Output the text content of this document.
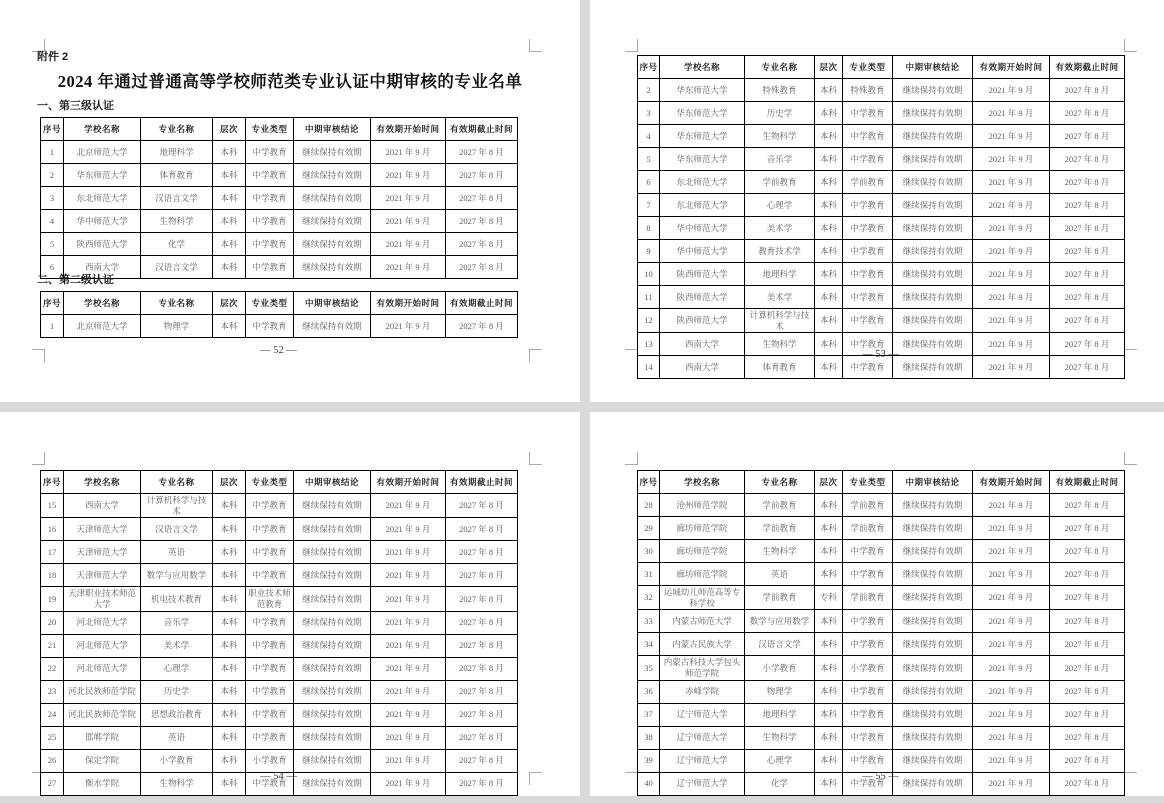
附件 2
2024 年通过普通高等学校师范类专业认证中期审核的专业名单
一、第三级认证
序号	学校名称	专业名称	层次	专业类型	中期审核结论	有效期开始时间	有效期截止时间
1	北京师范大学	地理科学	本科	中学教育	继续保持有效期	2021 年 9 月	2027 年 8 月
2	华东师范大学	体育教育	本科	中学教育	继续保持有效期	2021 年 9 月	2027 年 8 月
3	东北师范大学	汉语言文学	本科	中学教育	继续保持有效期	2021 年 9 月	2027 年 8 月
4	华中师范大学	生物科学	本科	中学教育	继续保持有效期	2021 年 9 月	2027 年 8 月
5	陕西师范大学	化学	本科	中学教育	继续保持有效期	2021 年 9 月	2027 年 8 月
6	西南大学	汉语言文学	本科	中学教育	继续保持有效期	2021 年 9 月	2027 年 8 月
二、第二级认证
序号	学校名称	专业名称	层次	专业类型	中期审核结论	有效期开始时间	有效期截止时间
1	北京师范大学	物理学	本科	中学教育	继续保持有效期	2021 年 9 月	2027 年 8 月
— 52 —
序号	学校名称	专业名称	层次	专业类型	中期审核结论	有效期开始时间	有效期截止时间
2	华东师范大学	特殊教育	本科	特殊教育	继续保持有效期	2021 年 9 月	2027 年 8 月
3	华东师范大学	历史学	本科	中学教育	继续保持有效期	2021 年 9 月	2027 年 8 月
4	华东师范大学	生物科学	本科	中学教育	继续保持有效期	2021 年 9 月	2027 年 8 月
5	华东师范大学	音乐学	本科	中学教育	继续保持有效期	2021 年 9 月	2027 年 8 月
6	东北师范大学	学前教育	本科	学前教育	继续保持有效期	2021 年 9 月	2027 年 8 月
7	东北师范大学	心理学	本科	中学教育	继续保持有效期	2021 年 9 月	2027 年 8 月
8	华中师范大学	美术学	本科	中学教育	继续保持有效期	2021 年 9 月	2027 年 8 月
9	华中师范大学	教育技术学	本科	中学教育	继续保持有效期	2021 年 9 月	2027 年 8 月
10	陕西师范大学	地理科学	本科	中学教育	继续保持有效期	2021 年 9 月	2027 年 8 月
11	陕西师范大学	美术学	本科	中学教育	继续保持有效期	2021 年 9 月	2027 年 8 月
12	陕西师范大学	计算机科学与技术	本科	中学教育	继续保持有效期	2021 年 9 月	2027 年 8 月
13	西南大学	生物科学	本科	中学教育	继续保持有效期	2021 年 9 月	2027 年 8 月
14	西南大学	体育教育	本科	中学教育	继续保持有效期	2021 年 9 月	2027 年 8 月
— 53 —
序号	学校名称	专业名称	层次	专业类型	中期审核结论	有效期开始时间	有效期截止时间
15	西南大学	计算机科学与技术	本科	中学教育	继续保持有效期	2021 年 9 月	2027 年 8 月
16	天津师范大学	汉语言文学	本科	中学教育	继续保持有效期	2021 年 9 月	2027 年 8 月
17	天津师范大学	英语	本科	中学教育	继续保持有效期	2021 年 9 月	2027 年 8 月
18	天津师范大学	数学与应用数学	本科	中学教育	继续保持有效期	2021 年 9 月	2027 年 8 月
19	天津职业技术师范大学	机电技术教育	本科	职业技术师范教育	继续保持有效期	2021 年 9 月	2027 年 8 月
20	河北师范大学	音乐学	本科	中学教育	继续保持有效期	2021 年 9 月	2027 年 8 月
21	河北师范大学	美术学	本科	中学教育	继续保持有效期	2021 年 9 月	2027 年 8 月
22	河北师范大学	心理学	本科	中学教育	继续保持有效期	2021 年 9 月	2027 年 8 月
23	河北民族师范学院	历史学	本科	中学教育	继续保持有效期	2021 年 9 月	2027 年 8 月
24	河北民族师范学院	思想政治教育	本科	中学教育	继续保持有效期	2021 年 9 月	2027 年 8 月
25	邯郸学院	英语	本科	中学教育	继续保持有效期	2021 年 9 月	2027 年 8 月
26	保定学院	小学教育	本科	小学教育	继续保持有效期	2021 年 9 月	2027 年 8 月
27	衡水学院	生物科学	本科	中学教育	继续保持有效期	2021 年 9 月	2027 年 8 月
— 54 —
序号	学校名称	专业名称	层次	专业类型	中期审核结论	有效期开始时间	有效期截止时间
28	沧州师范学院	学前教育	本科	学前教育	继续保持有效期	2021 年 9 月	2027 年 8 月
29	廊坊师范学院	学前教育	本科	学前教育	继续保持有效期	2021 年 9 月	2027 年 8 月
30	廊坊师范学院	生物科学	本科	中学教育	继续保持有效期	2021 年 9 月	2027 年 8 月
31	廊坊师范学院	英语	本科	中学教育	继续保持有效期	2021 年 9 月	2027 年 8 月
32	运城幼儿师范高等专科学校	学前教育	专科	学前教育	继续保持有效期	2021 年 9 月	2027 年 8 月
33	内蒙古师范大学	数学与应用数学	本科	中学教育	继续保持有效期	2021 年 9 月	2027 年 8 月
34	内蒙古民族大学	汉语言文学	本科	中学教育	继续保持有效期	2021 年 9 月	2027 年 8 月
35	内蒙古科技大学包头师范学院	小学教育	本科	小学教育	继续保持有效期	2021 年 9 月	2027 年 8 月
36	赤峰学院	物理学	本科	中学教育	继续保持有效期	2021 年 9 月	2027 年 8 月
37	辽宁师范大学	地理科学	本科	中学教育	继续保持有效期	2021 年 9 月	2027 年 8 月
38	辽宁师范大学	生物科学	本科	中学教育	继续保持有效期	2021 年 9 月	2027 年 8 月
39	辽宁师范大学	心理学	本科	中学教育	继续保持有效期	2021 年 9 月	2027 年 8 月
40	辽宁师范大学	化学	本科	中学教育	继续保持有效期	2021 年 9 月	2027 年 8 月
— 55 —
